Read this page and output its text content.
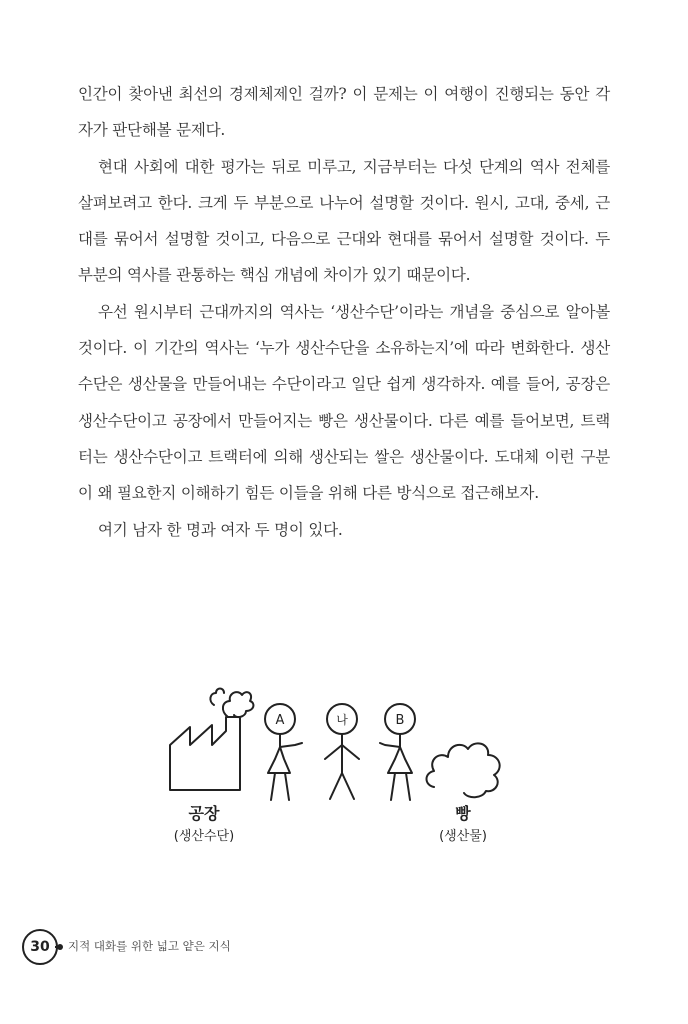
인간이 찾아낸 최선의 경제체제인 걸까? 이 문제는 이 여행이 진행되는 동안 각자가 판단해볼 문제다.

현대 사회에 대한 평가는 뒤로 미루고, 지금부터는 다섯 단계의 역사 전체를 살펴보려고 한다. 크게 두 부분으로 나누어 설명할 것이다. 원시, 고대, 중세, 근대를 묶어서 설명할 것이고, 다음으로 근대와 현대를 묶어서 설명할 것이다. 두 부분의 역사를 관통하는 핵심 개념에 차이가 있기 때문이다.

우선 원시부터 근대까지의 역사는 ‘생산수단’이라는 개념을 중심으로 알아볼 것이다. 이 기간의 역사는 ‘누가 생산수단을 소유하는지’에 따라 변화한다. 생산수단은 생산물을 만들어내는 수단이라고 일단 쉽게 생각하자. 예를 들어, 공장은 생산수단이고 공장에서 만들어지는 빵은 생산물이다. 다른 예를 들어보면, 트랙터는 생산수단이고 트랙터에 의해 생산되는 쌀은 생산물이다. 도대체 이런 구분이 왜 필요한지 이해하기 힘든 이들을 위해 다른 방식으로 접근해보자.

여기 남자 한 명과 여자 두 명이 있다.

공장
(생산수단)
빵
(생산물)
A	나	B
30	지적 대화를 위한 넓고 얕은 지식
